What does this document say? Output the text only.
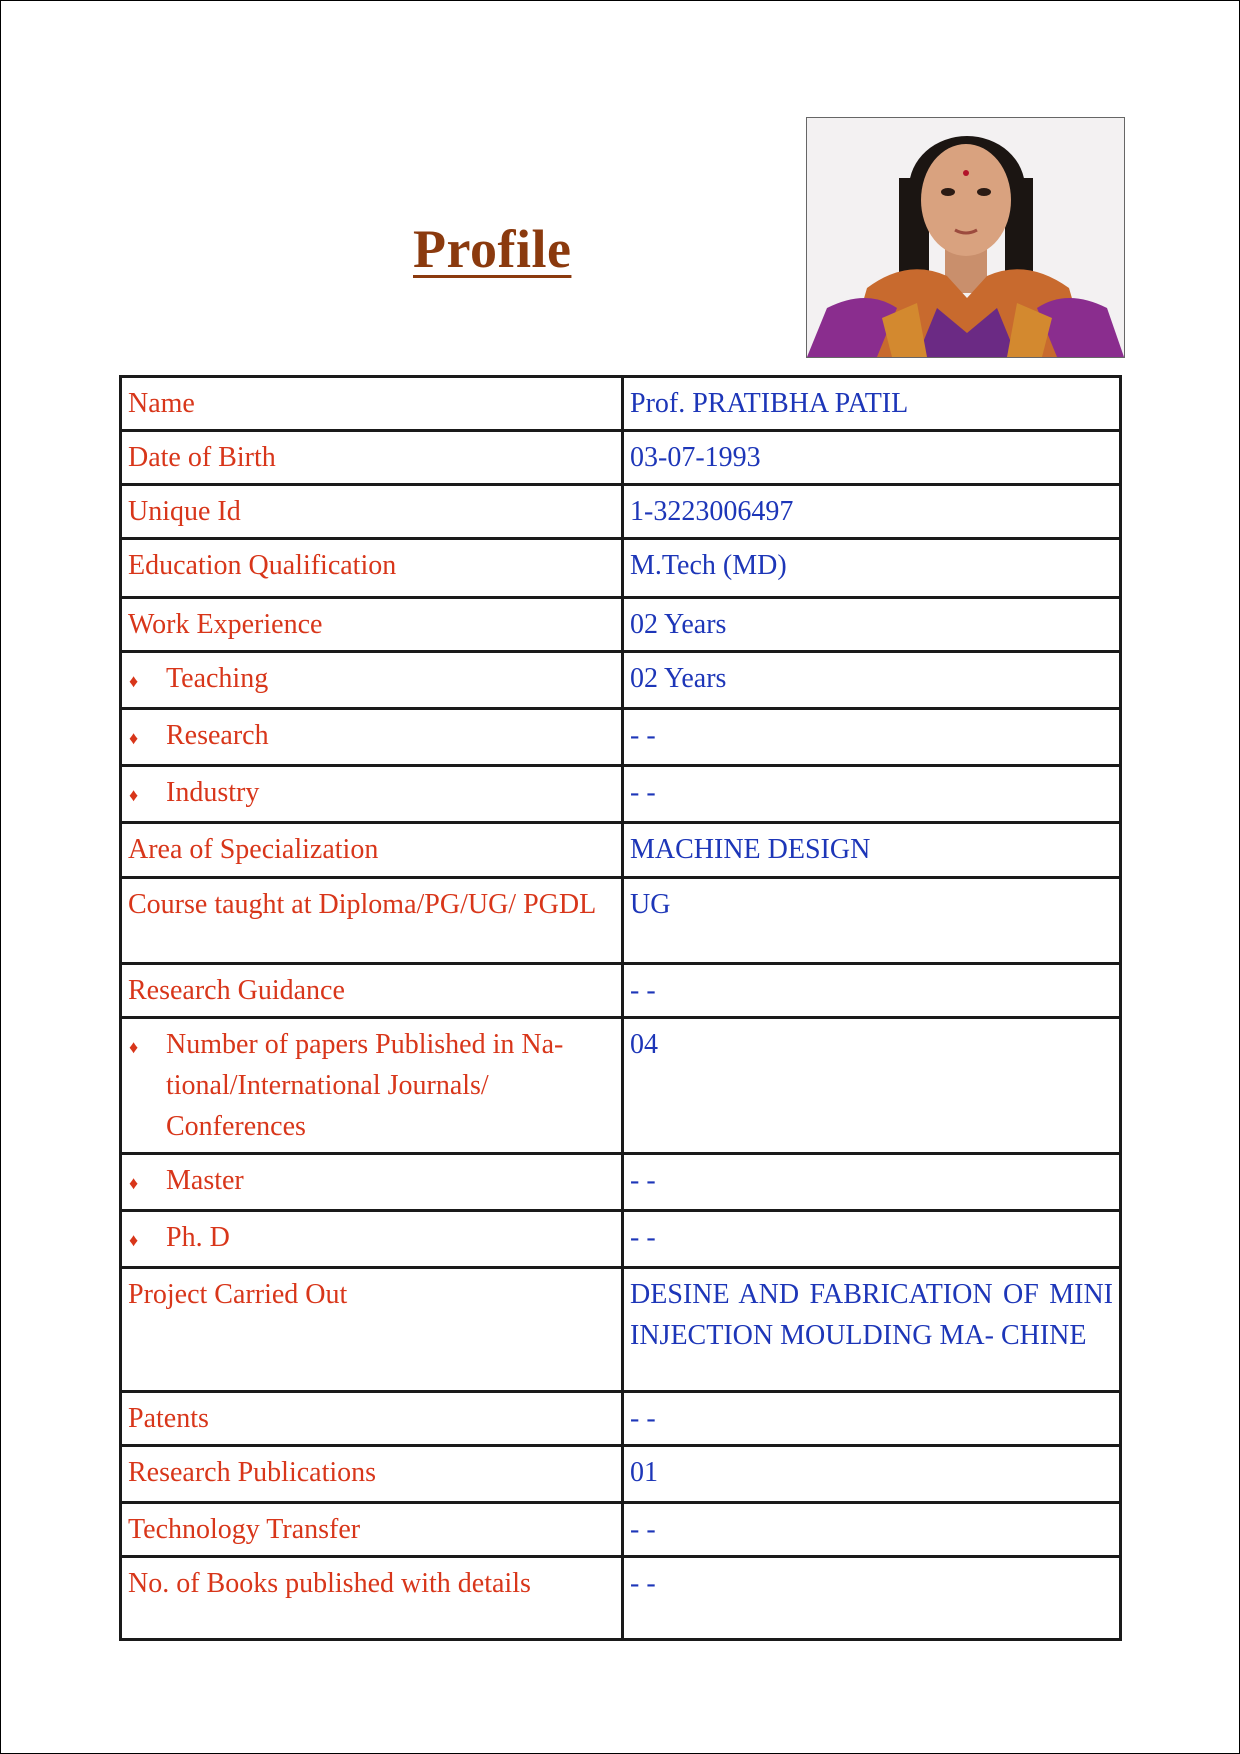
Profile
Name	Prof. PRATIBHA PATIL
Date of Birth	03-07-1993
Unique Id	1-3223006497
Education Qualification	M.Tech (MD)
Work Experience	02 Years

♦ Teaching	02 Years

♦ Research	- -

♦ Industry	- -
Area of Specialization	MACHINE DESIGN
Course taught at Diploma/PG/UG/ PGDL	UG
Research Guidance	- -

♦ Number of papers Published in Na- tional/International Journals/ Conferences	04

♦ Master	- -

♦ Ph. D	- -
Project Carried Out	DESINE AND FABRICATION OF MINI INJECTION MOULDING MA- CHINE
Patents	- -
Research Publications	01
Technology Transfer	- -
No. of Books published with details	- -
